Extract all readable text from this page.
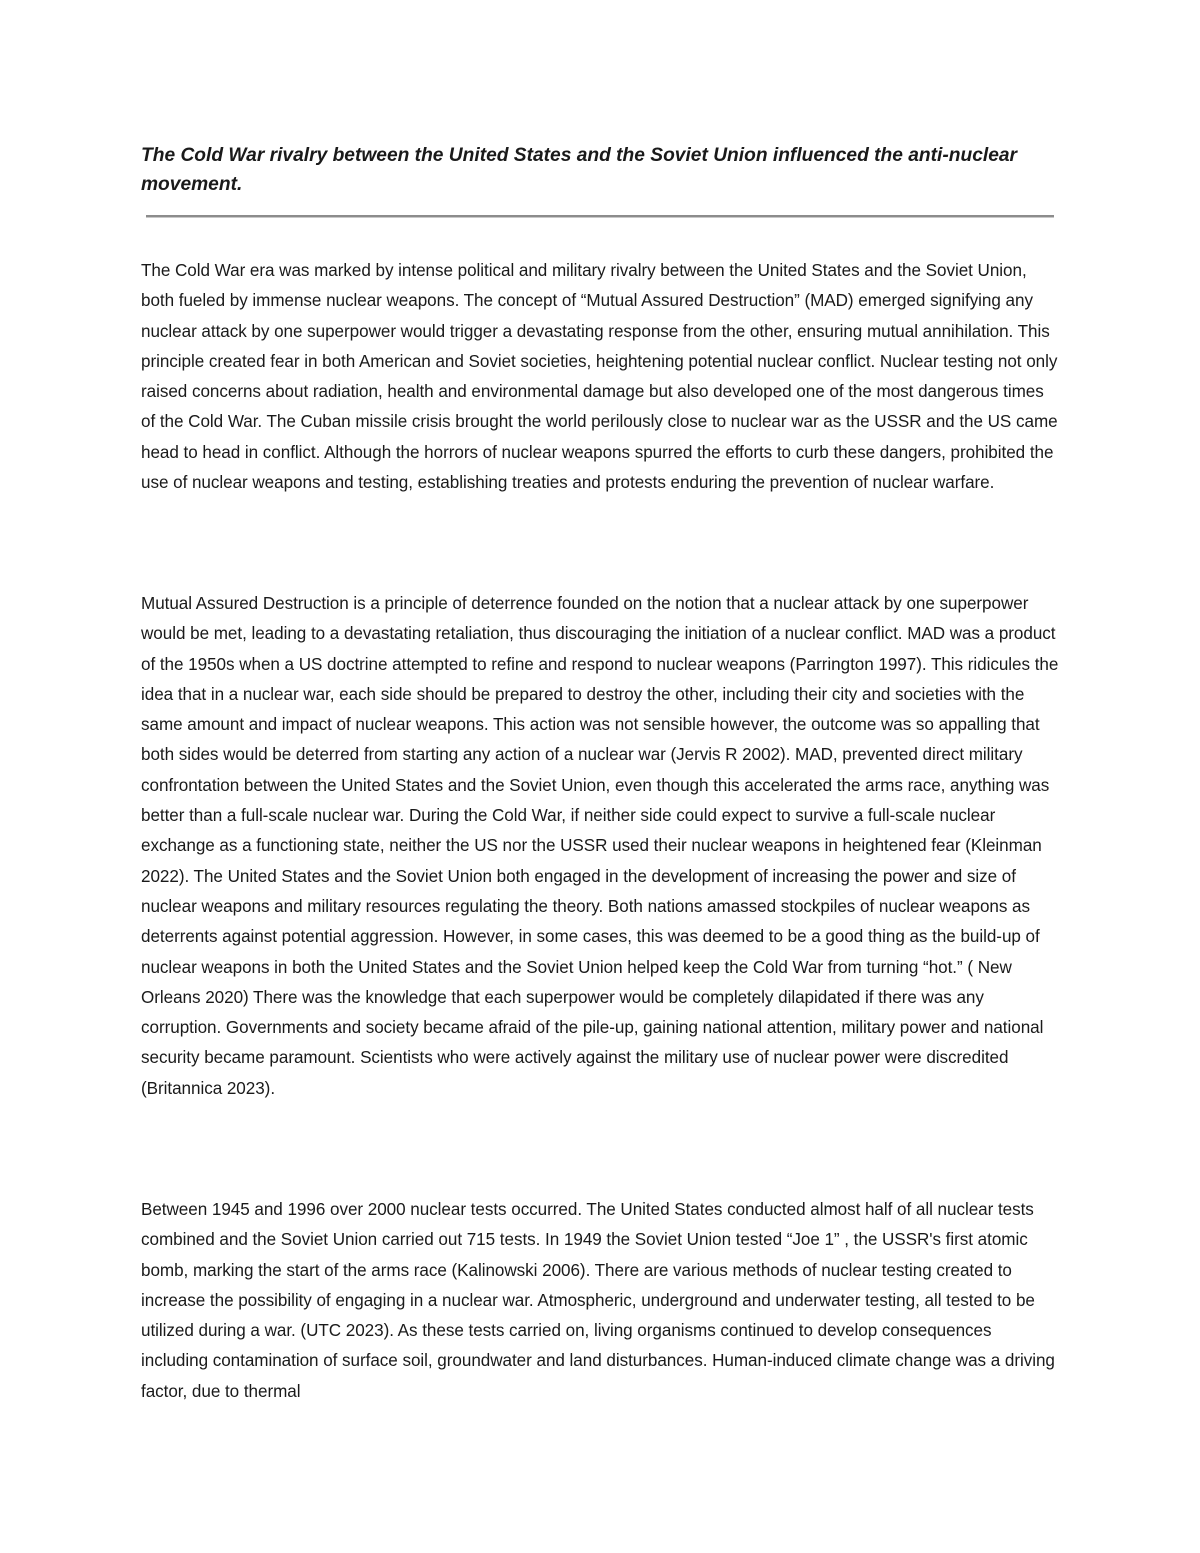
The Cold War rivalry between the United States and the Soviet Union influenced the anti-nuclear movement.

The Cold War era was marked by intense political and military rivalry between the United States and the Soviet Union, both fueled by immense nuclear weapons. The concept of “Mutual Assured Destruction” (MAD) emerged signifying any nuclear attack by one superpower would trigger a devastating response from the other, ensuring mutual annihilation. This principle created fear in both American and Soviet societies, heightening potential nuclear conflict. Nuclear testing not only raised concerns about radiation, health and environmental damage but also developed one of the most dangerous times of the Cold War. The Cuban missile crisis brought the world perilously close to nuclear war as the USSR and the US came head to head in conflict. Although the horrors of nuclear weapons spurred the efforts to curb these dangers, prohibited the use of nuclear weapons and testing, establishing treaties and protests enduring the prevention of nuclear warfare.

Mutual Assured Destruction is a principle of deterrence founded on the notion that a nuclear attack by one superpower would be met, leading to a devastating retaliation, thus discouraging the initiation of a nuclear conflict. MAD was a product of the 1950s when a US doctrine attempted to refine and respond to nuclear weapons (Parrington 1997). This ridicules the idea that in a nuclear war, each side should be prepared to destroy the other, including their city and societies with the same amount and impact of nuclear weapons. This action was not sensible however, the outcome was so appalling that both sides would be deterred from starting any action of a nuclear war (Jervis R 2002). MAD, prevented direct military confrontation between the United States and the Soviet Union, even though this accelerated the arms race, anything was better than a full-scale nuclear war. During the Cold War, if neither side could expect to survive a full-scale nuclear exchange as a functioning state, neither the US nor the USSR used their nuclear weapons in heightened fear (Kleinman 2022). The United States and the Soviet Union both engaged in the development of increasing the power and size of nuclear weapons and military resources regulating the theory. Both nations amassed stockpiles of nuclear weapons as deterrents against potential aggression. However, in some cases, this was deemed to be a good thing as the build-up of nuclear weapons in both the United States and the Soviet Union helped keep the Cold War from turning “hot.” ( New Orleans 2020) There was the knowledge that each superpower would be completely dilapidated if there was any corruption. Governments and society became afraid of the pile-up, gaining national attention, military power and national security became paramount. Scientists who were actively against the military use of nuclear power were discredited (Britannica 2023).

Between 1945 and 1996 over 2000 nuclear tests occurred. The United States conducted almost half of all nuclear tests combined and the Soviet Union carried out 715 tests. In 1949 the Soviet Union tested “Joe 1” , the USSR's first atomic bomb, marking the start of the arms race (Kalinowski 2006). There are various methods of nuclear testing created to increase the possibility of engaging in a nuclear war. Atmospheric, underground and underwater testing, all tested to be utilized during a war. (UTC 2023). As these tests carried on, living organisms continued to develop consequences including contamination of surface soil, groundwater and land disturbances. Human-induced climate change was a driving factor, due to thermal
